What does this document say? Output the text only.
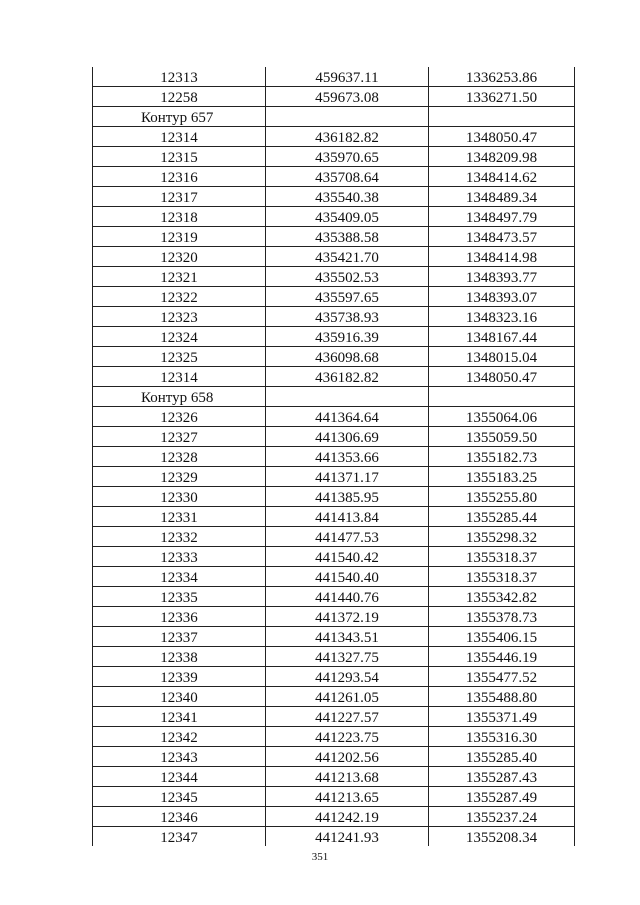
12313	459637.11	1336253.86
12258	459673.08	1336271.50
Контур 657		
12314	436182.82	1348050.47
12315	435970.65	1348209.98
12316	435708.64	1348414.62
12317	435540.38	1348489.34
12318	435409.05	1348497.79
12319	435388.58	1348473.57
12320	435421.70	1348414.98
12321	435502.53	1348393.77
12322	435597.65	1348393.07
12323	435738.93	1348323.16
12324	435916.39	1348167.44
12325	436098.68	1348015.04
12314	436182.82	1348050.47
Контур 658		
12326	441364.64	1355064.06
12327	441306.69	1355059.50
12328	441353.66	1355182.73
12329	441371.17	1355183.25
12330	441385.95	1355255.80
12331	441413.84	1355285.44
12332	441477.53	1355298.32
12333	441540.42	1355318.37
12334	441540.40	1355318.37
12335	441440.76	1355342.82
12336	441372.19	1355378.73
12337	441343.51	1355406.15
12338	441327.75	1355446.19
12339	441293.54	1355477.52
12340	441261.05	1355488.80
12341	441227.57	1355371.49
12342	441223.75	1355316.30
12343	441202.56	1355285.40
12344	441213.68	1355287.43
12345	441213.65	1355287.49
12346	441242.19	1355237.24
12347	441241.93	1355208.34
351
